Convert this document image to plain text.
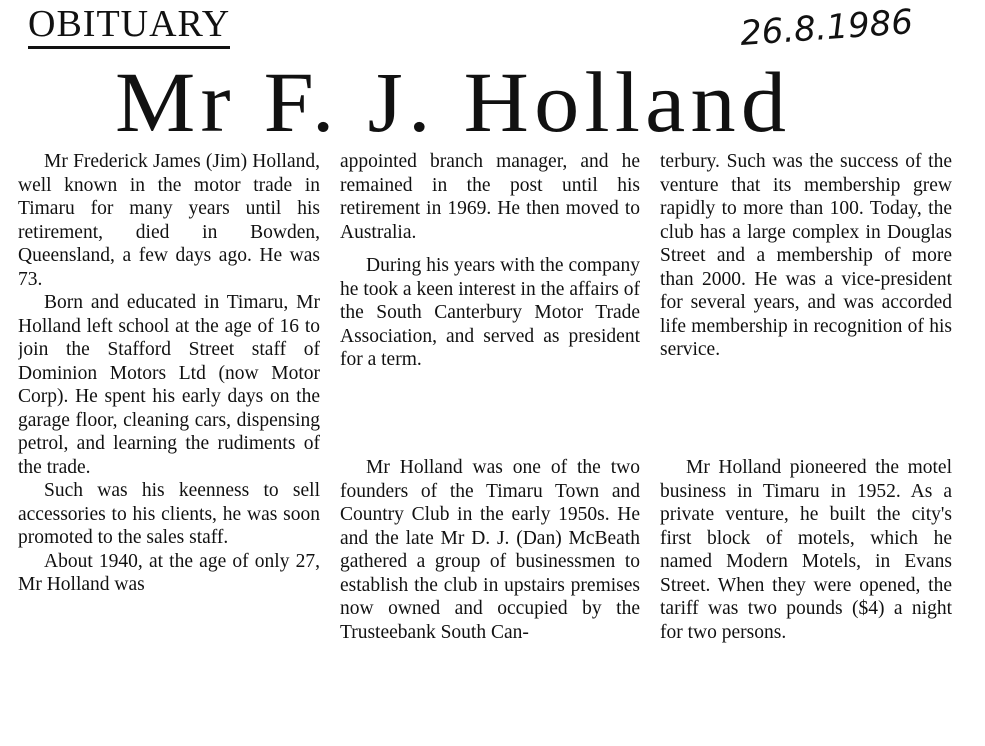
OBITUARY	26.8.1986
Mr F. J. Holland

Mr Frederick James (Jim) Holland, well known in the motor trade in Timaru for many years until his retirement, died in Bowden, Queensland, a few days ago. He was 73.

Born and educated in Timaru, Mr Holland left school at the age of 16 to join the Stafford Street staff of Dominion Motors Ltd (now Motor Corp). He spent his early days on the garage floor, cleaning cars, dispensing petrol, and learning the rudiments of the trade.

Such was his keenness to sell accessories to his clients, he was soon promoted to the sales staff.

About 1940, at the age of only 27, Mr Holland was

appointed branch manager, and he remained in the post until his retirement in 1969. He then moved to Australia.

During his years with the company he took a keen interest in the affairs of the South Canterbury Motor Trade Association, and served as president for a term.

terbury. Such was the success of the venture that its membership grew rapidly to more than 100. Today, the club has a large complex in Douglas Street and a membership of more than 2000. He was a vice-president for several years, and was accorded life membership in recognition of his service.

Mr Holland was one of the two founders of the Timaru Town and Country Club in the early 1950s. He and the late Mr D. J. (Dan) McBeath gathered a group of businessmen to establish the club in upstairs premises now owned and occupied by the Trusteebank South Can-

Mr Holland pioneered the motel business in Timaru in 1952. As a private venture, he built the city's first block of motels, which he named Modern Motels, in Evans Street. When they were opened, the tariff was two pounds ($4) a night for two persons.
